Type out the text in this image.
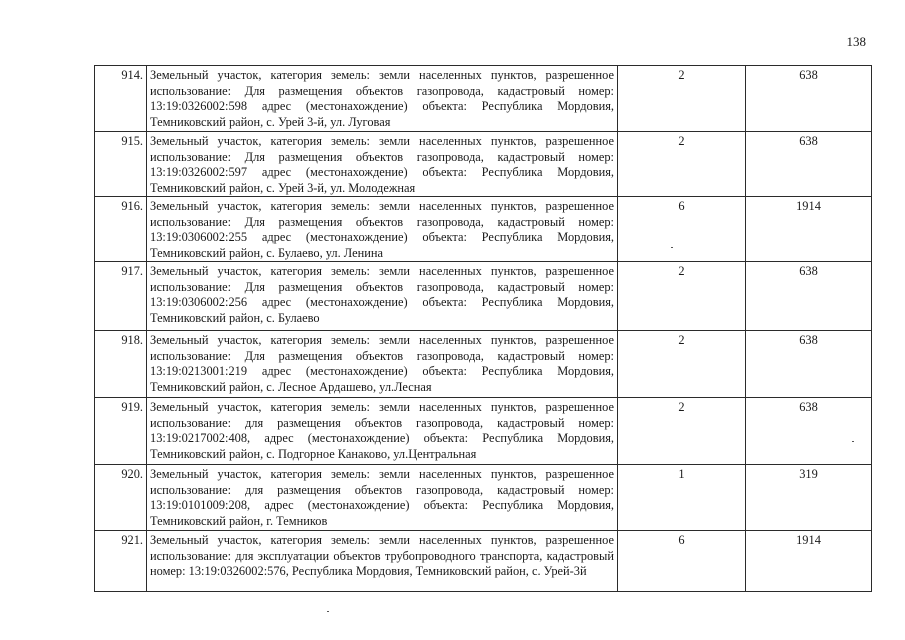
138
914.	Земельный участок, категория земель: земли населенных пунктов, разрешенное использование: Для размещения объектов газопровода, кадастровый номер: 13:19:0326002:598 адрес (местонахождение) объекта: Республика Мордовия, Темниковский район, с. Урей 3-й, ул. Луговая	2	638
915.	Земельный участок, категория земель: земли населенных пунктов, разрешенное использование: Для размещения объектов газопровода, кадастровый номер: 13:19:0326002:597 адрес (местонахождение) объекта: Республика Мордовия, Темниковский район, с. Урей 3-й, ул. Молодежная	2	638
916.	Земельный участок, категория земель: земли населенных пунктов, разрешенное использование: Для размещения объектов газопровода, кадастровый номер: 13:19:0306002:255 адрес (местонахождение) объекта: Республика Мордовия, Темниковский район, с. Булаево, ул. Ленина	6	1914
917.	Земельный участок, категория земель: земли населенных пунктов, разрешенное использование: Для размещения объектов газопровода, кадастровый номер: 13:19:0306002:256 адрес (местонахождение) объекта: Республика Мордовия, Темниковский район, с. Булаево	2	638
918.	Земельный участок, категория земель: земли населенных пунктов, разрешенное использование: Для размещения объектов газопровода, кадастровый номер: 13:19:0213001:219 адрес (местонахождение) объекта: Республика Мордовия, Темниковский район, с. Лесное Ардашево, ул.Лесная	2	638
919.	Земельный участок, категория земель: земли населенных пунктов, разрешенное использование: для размещения объектов газопровода, кадастровый номер: 13:19:0217002:408, адрес (местонахождение) объекта: Республика Мордовия, Темниковский район, с. Подгорное Канаково, ул.Центральная	2	638
920.	Земельный участок, категория земель: земли населенных пунктов, разрешенное использование: для размещения объектов газопровода, кадастровый номер: 13:19:0101009:208, адрес (местонахождение) объекта: Республика Мордовия, Темниковский район, г. Темников	1	319
921.	Земельный участок, категория земель: земли населенных пунктов, разрешенное использование: для эксплуатации объектов трубопроводного транспорта, кадастровый номер: 13:19:0326002:576, Республика Мордовия, Темниковский район, с. Урей-3й	6	1914
